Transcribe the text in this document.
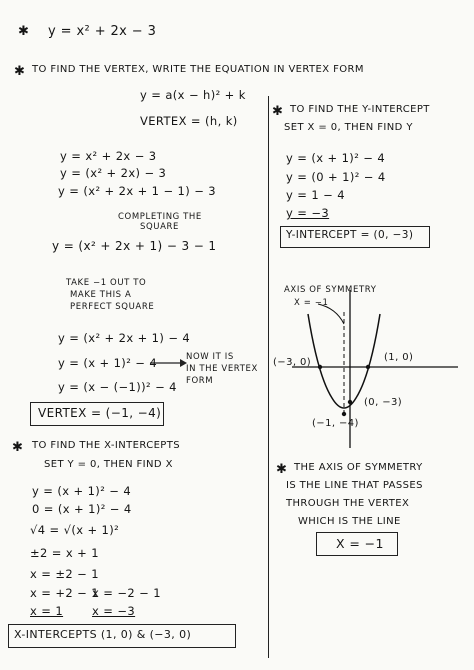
✱ y = x² + 2x − 3
✱ TO FIND THE VERTEX, WRITE THE EQUATION IN VERTEX FORM
y = a(x − h)² + k
VERTEX = (h, k)
y = x² + 2x − 3
y = (x² + 2x) − 3
y = (x² + 2x + 1 − 1) − 3
COMPLETING THE
SQUARE
y = (x² + 2x + 1) − 3 − 1
TAKE −1 OUT TO
MAKE THIS A
PERFECT SQUARE
y = (x² + 2x + 1) − 4
y = (x + 1)² − 4
y = (x − (−1))² − 4
NOW IT IS
IN THE VERTEX
FORM
VERTEX = (−1, −4)
✱ TO FIND THE Y-INTERCEPT
SET X = 0, THEN FIND Y
y = (x + 1)² − 4
y = (0 + 1)² − 4
y = 1 − 4
y = −3
Y-INTERCEPT = (0, −3)
AXIS OF SYMMETRY
X = −1
(−3, 0)	(1, 0)
(0, −3)
(−1, −4)
✱ TO FIND THE X-INTERCEPTS
SET Y = 0, THEN FIND X
y = (x + 1)² − 4
0 = (x + 1)² − 4
√4 = √(x + 1)²
±2 = x + 1
x = ±2 − 1
x = +2 − 1
x = 1
x = −2 − 1
x = −3
X-INTERCEPTS (1, 0) & (−3, 0)
✱ THE AXIS OF SYMMETRY
IS THE LINE THAT PASSES
THROUGH THE VERTEX
WHICH IS THE LINE
X = −1
